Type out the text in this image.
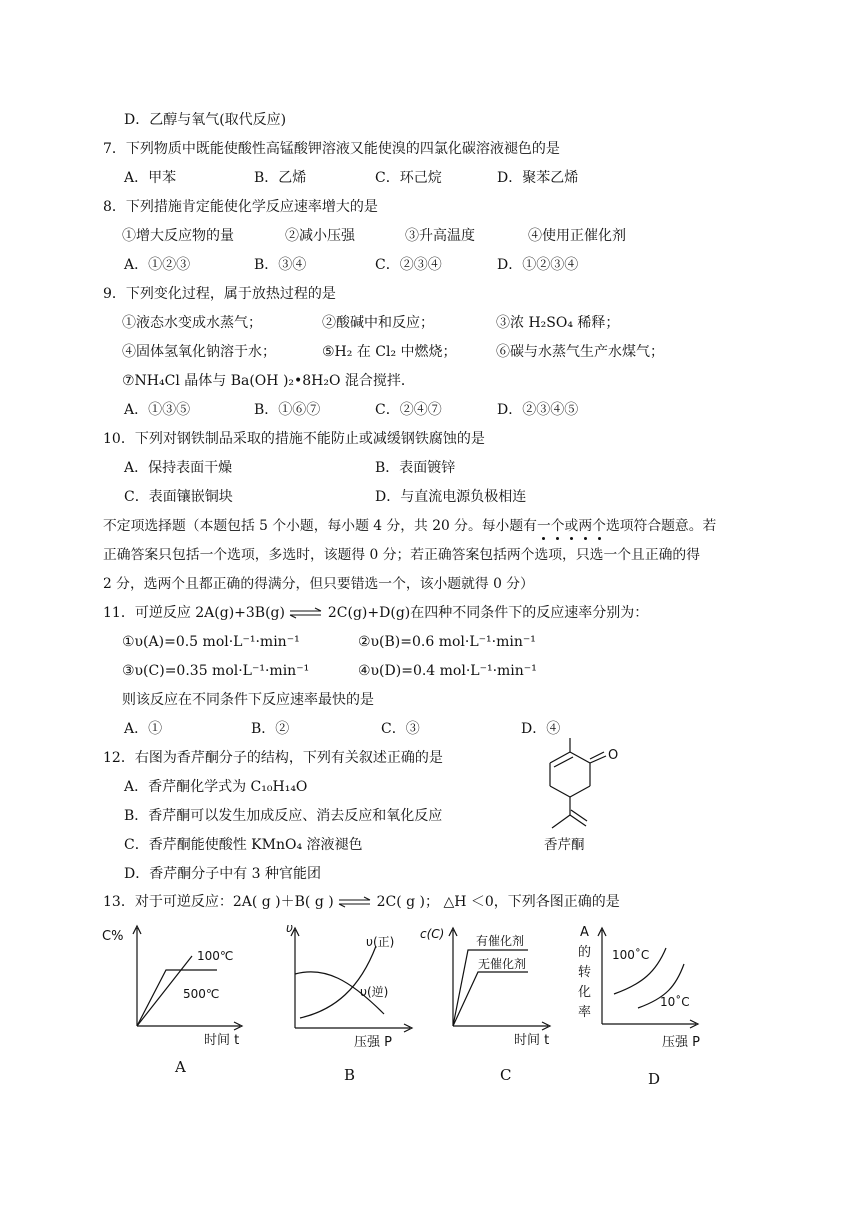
D．乙醇与氧气(取代反应)
7．下列物质中既能使酸性高锰酸钾溶液又能使溴的四氯化碳溶液褪色的是
A．甲苯	B．乙烯	C．环己烷	D．聚苯乙烯
8．下列措施肯定能使化学反应速率增大的是
①增大反应物的量	②减小压强	③升高温度	④使用正催化剂
A．①②③	B．③④	C．②③④	D．①②③④
9．下列变化过程，属于放热过程的是
①液态水变成水蒸气；	②酸碱中和反应；	③浓 H₂SO₄ 稀释；
④固体氢氧化钠溶于水；	⑤H₂ 在 Cl₂ 中燃烧；	⑥碳与水蒸气生产水煤气；
⑦NH₄Cl 晶体与 Ba(OH )₂•8H₂O 混合搅拌．
A．①③⑤	B．①⑥⑦	C．②④⑦	D．②③④⑤
10．下列对钢铁制品采取的措施不能防止或减缓钢铁腐蚀的是
A．保持表面干燥	B．表面镀锌
C．表面镶嵌铜块	D．与直流电源负极相连
不定项选择题（本题包括 5 个小题，每小题 4 分，共 20 分。每小题有一个或两个选项符合题意。若
正确答案只包括一个选项，多选时，该题得 0 分；若正确答案包括两个选项，只选一个且正确的得
2 分，选两个且都正确的得满分，但只要错选一个，该小题就得 0 分）
11．可逆反应 2A(g)+3B(g) ⇌ 2C(g)+D(g)在四种不同条件下的反应速率分别为：
①υ(A)=0.5 mol·L⁻¹·min⁻¹	②υ(B)=0.6 mol·L⁻¹·min⁻¹
③υ(C)=0.35 mol·L⁻¹·min⁻¹	④υ(D)=0.4 mol·L⁻¹·min⁻¹
则该反应在不同条件下反应速率最快的是
A．①	B．②	C．③	D．④
12．右图为香芹酮分子的结构，下列有关叙述正确的是
A．香芹酮化学式为 C₁₀H₁₄O
B．香芹酮可以发生加成反应、消去反应和氧化反应
C．香芹酮能使酸性 KMnO₄ 溶液褪色
D．香芹酮分子中有 3 种官能团
O
香芹酮
13．对于可逆反应：2A( g )＋B( g ) ⇌ 2C( g )； △H ＜0，下列各图正确的是
C%
100℃
500℃
时间 t
A
υ
υ(正)
υ(逆)
压强 P
B
c(C)	有催化剂
无催化剂
时间 t
C
A
的
转
化
率
100˚C
10˚C
压强 P
D
